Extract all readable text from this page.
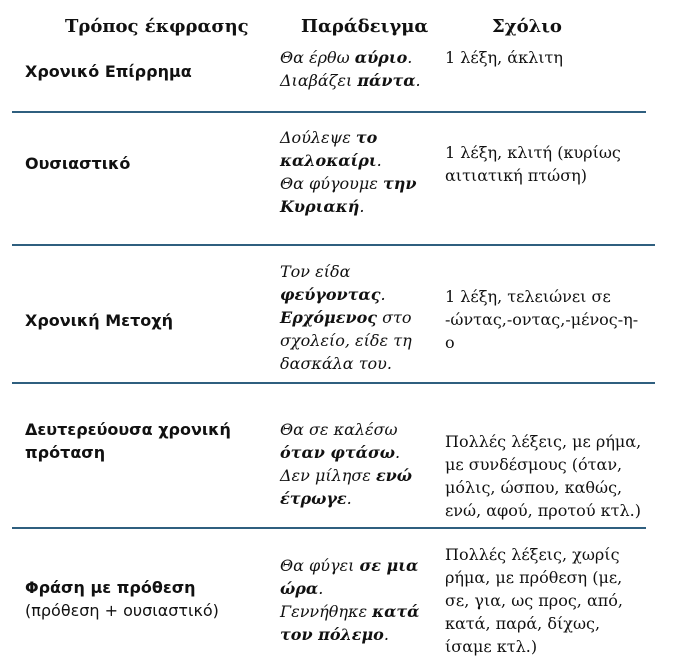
Τρόπος έκφρασης	Παράδειγμα	Σχόλιο
Χρονικό Επίρρημα
Θα έρθω αύριο.
Διαβάζει πάντα.
1 λέξη, άκλιτη
Ουσιαστικό
Δούλεψε το
καλοκαίρι.
Θα φύγουμε την
Κυριακή.
1 λέξη, κλιτή (κυρίως
αιτιατική πτώση)
Χρονική Μετοχή
Τον είδα
φεύγοντας.
Ερχόμενος στο
σχολείο, είδε τη
δασκάλα του.
1 λέξη, τελειώνει σε
-ώντας,-οντας,-μένος-η-
ο
Δευτερεύουσα χρονική πρόταση
Θα σε καλέσω
όταν φτάσω.
Δεν μίλησε ενώ
έτρωγε.
Πολλές λέξεις, με ρήμα,
με συνδέσμους (όταν,
μόλις, ώσπου, καθώς,
ενώ, αφού, προτού κτλ.)
Φράση με πρόθεση
(πρόθεση + ουσιαστικό)
Θα φύγει σε μια
ώρα.
Γεννήθηκε κατά
τον πόλεμο.
Πολλές λέξεις, χωρίς
ρήμα, με πρόθεση (με,
σε, για, ως προς, από,
κατά, παρά, δίχως,
ίσαμε κτλ.)
